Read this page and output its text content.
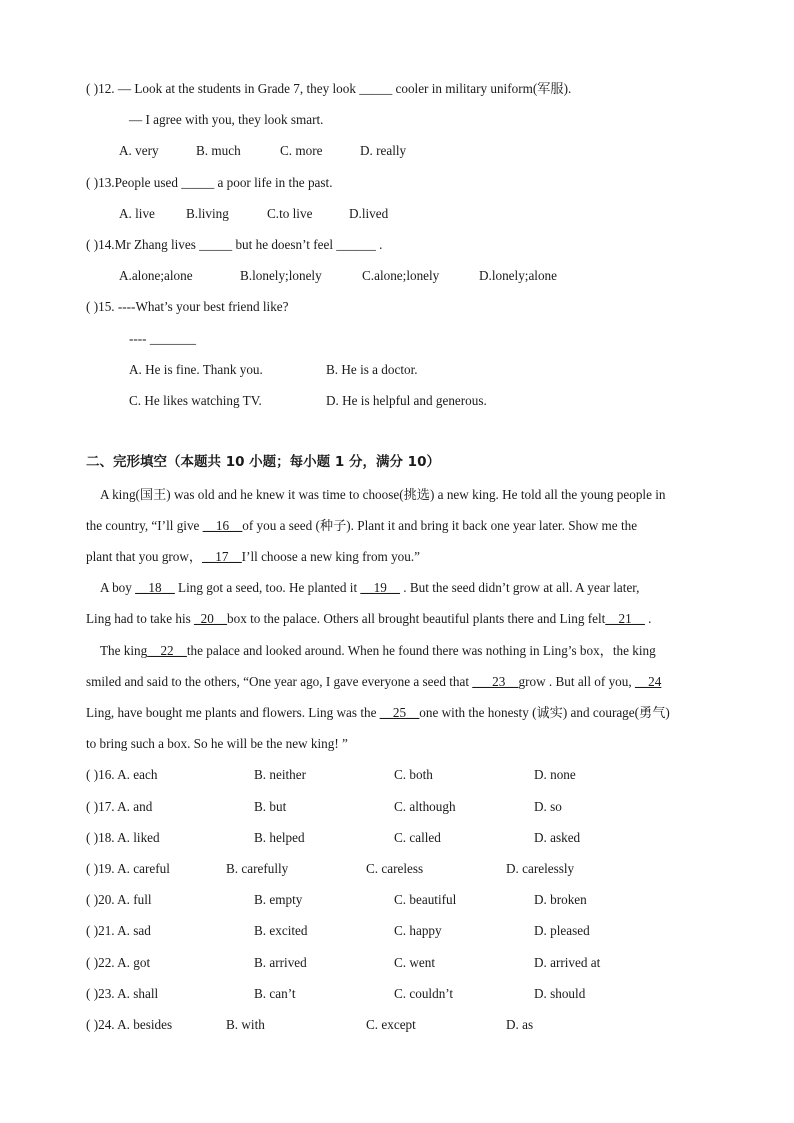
( )12. — Look at the students in Grade 7, they look _____ cooler in military uniform(军服).
— I agree with you, they look smart.
A. very	B. much	C. more	D. really
( )13.People used _____ a poor life in the past.
A. live B.living	C.to live	D.lived
( )14.Mr Zhang lives _____ but he doesn’t feel ______ .
A.alone;alone	B.lonely;lonely	C.alone;lonely	D.lonely;alone
( )15. ----What’s your best friend like?
---- _______
A. He is fine. Thank you.	B. He is a doctor.
C. He likes watching TV.	D. He is helpful and generous.
二、完形填空（本题共 10 小题；每小题 1 分，满分 10）
A king(国王) was old and he knew it was time to choose(挑选) a new king. He told all the young people in
the country, “I’ll give __16__of you a seed (种子). Plant it and bring it back one year later. Show me the
plant that you grow，__17__I’ll choose a new king from you.”
A boy __18__ Ling got a seed, too. He planted it __19__ . But the seed didn’t grow at all. A year later,
Ling had to take his _20__box to the palace. Others all brought beautiful plants there and Ling felt__21__ .
The king__22__the palace and looked around. When he found there was nothing in Ling’s box，the king
smiled and said to the others, “One year ago, I gave everyone a seed that ___23__grow . But all of you, __24
Ling, have bought me plants and flowers. Ling was the __25__one with the honesty (诚实) and courage(勇气)
to bring such a box. So he will be the new king! ”
( )16. A. each	B. neither	C. both	D. none
( )17. A. and	B. but	C. although	D. so
( )18. A. liked	B. helped	C. called	D. asked
( )19. A. careful	B. carefully	C. careless	D. carelessly
( )20. A. full	B. empty	C. beautiful	D. broken
( )21. A. sad	B. excited	C. happy	D. pleased
( )22. A. got	B. arrived	C. went	D. arrived at
( )23. A. shall	B. can’t	C. couldn’t	D. should
( )24. A. besides	B. with	C. except	D. as
